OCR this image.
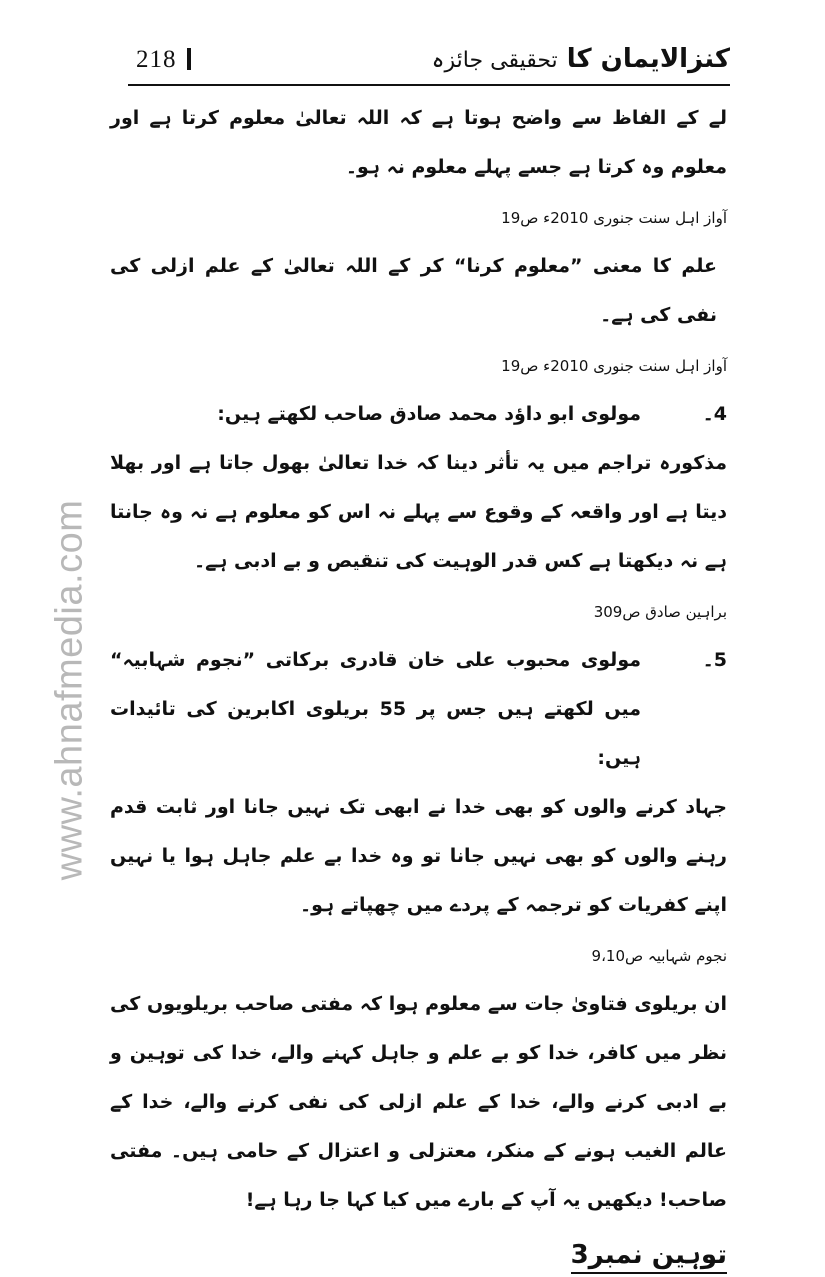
www.ahnafmedia.com
218	کنزالایمان کا تحقیقی جائزہ

لے کے الفاظ سے واضح ہوتا ہے کہ اللہ تعالیٰ معلوم کرتا ہے اور معلوم وہ کرتا ہے جسے پہلے معلوم نہ ہو۔

آواز اہل سنت جنوری 2010ء ص19

علم کا معنی ”معلوم کرنا“ کر کے اللہ تعالیٰ کے علم ازلی کی نفی کی ہے۔

آواز اہل سنت جنوری 2010ء ص19
4۔
مولوی ابو داؤد محمد صادق صاحب لکھتے ہیں:

مذکورہ تراجم میں یہ تأثر دینا کہ خدا تعالیٰ بھول جاتا ہے اور بھلا دیتا ہے اور واقعہ کے وقوع سے پہلے نہ اس کو معلوم ہے نہ وہ جانتا ہے نہ دیکھتا ہے کس قدر الوہیت کی تنقیص و بے ادبی ہے۔

براہین صادق ص309
5۔
مولوی محبوب علی خان قادری برکاتی ”نجوم شہابیہ“ میں لکھتے ہیں جس پر 55 بریلوی اکابرین کی تائیدات ہیں:

جہاد کرنے والوں کو بھی خدا نے ابھی تک نہیں جانا اور ثابت قدم رہنے والوں کو بھی نہیں جانا تو وہ خدا بے علم جاہل ہوا یا نہیں اپنے کفریات کو ترجمہ کے پردے میں چھپاتے ہو۔

نجوم شہابیہ ص9،10

ان بریلوی فتاویٰ جات سے معلوم ہوا کہ مفتی صاحب بریلویوں کی نظر میں کافر، خدا کو بے علم و جاہل کہنے والے، خدا کی توہین و بے ادبی کرنے والے، خدا کے علم ازلی کی نفی کرنے والے، خدا کے عالم الغیب ہونے کے منکر، معتزلی و اعتزال کے حامی ہیں۔ مفتی صاحب! دیکھیں یہ آپ کے بارے میں کیا کہا جا رہا ہے!

توہین نمبر3
